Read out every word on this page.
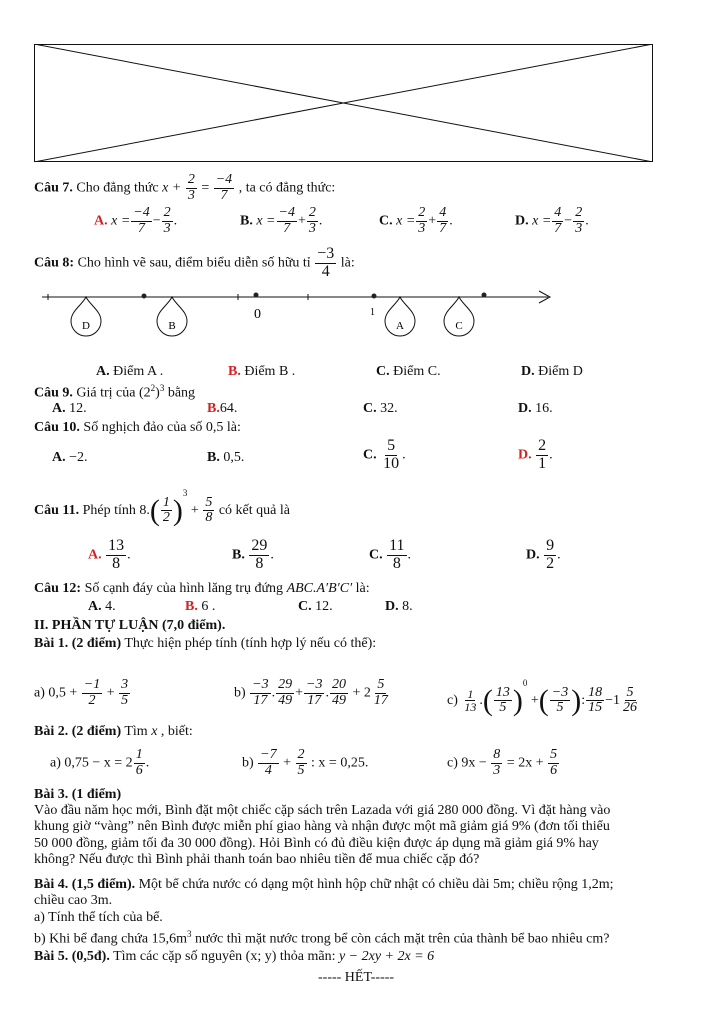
Câu 7. Cho đẳng thức $x + \frac{2}{3} = \frac{-4}{7}$ , ta có đẳng thức:
A. $x = \frac{-4}{7} - \frac{2}{3}$ .	B. $x = \frac{-4}{7} + \frac{2}{3}$ .	C. $x = \frac{2}{3} + \frac{4}{7}$ .	D. $x = \frac{4}{7} - \frac{2}{3}$ .
Câu 8: Cho hình vẽ sau, điểm biểu diễn số hữu tỉ $\frac{-3}{4}$ là:
0	1
D	B	A	C
A. Điểm A .	B. Điểm B .	C. Điểm C.	D. Điểm D
Câu 9. Giá trị của $(2^2)^3$ bằng
A. 12.	B.64.	C. 32.	D. 16.
Câu 10. Số nghịch đảo của số 0,5 là:
A. −2.	B. 0,5.	C. $\frac{5}{10}$ .	D. $\frac{2}{1}$ .
Câu 11. Phép tính $8.( \frac{1}{2} )^3 + \frac{5}{8}$ có kết quả là
A. $\frac{13}{8}$ .	B. $\frac{29}{8}$ .	C. $\frac{11}{8}$ .	D. $\frac{9}{2}$ .
Câu 12: Số cạnh đáy của hình lăng trụ đứng ABC.A′B′C′ là:
A. 4.	B. 6 .	C. 12.	D. 8.
II. PHẦN TỰ LUẬN (7,0 điểm).
Bài 1. (2 điểm) Thực hiện phép tính (tính hợp lý nếu có thể):
a) $0,5 + \frac{-1}{2} + \frac{3}{5}$	$b) \frac{-3}{17}$ . $\frac{29}{49} + \frac{-3}{17}$ . $\frac{20}{49} + 2 \frac{5}{17}$	$c) \frac{1}{13}$ .( $\frac{13}{5} )^0$ +( $\frac{-3}{5}$ ): $\frac{18}{15} -1 \frac{5}{26}$
Bài 2. (2 điểm) Tìm x , biết:
a) $0,75 - x = 2 \frac{1}{6}$ .	$b) \frac{-7}{4} + \frac{2}{5}$ : x = 0,25.	c) $9x - \frac{8}{3} = 2x + \frac{5}{6}$
Bài 3. (1 điểm)
Vào đầu năm học mới, Bình đặt một chiếc cặp sách trên Lazada với giá 280 000 đồng. Vì đặt hàng vào
khung giờ “vàng” nên Bình được miễn phí giao hàng và nhận được một mã giảm giá 9% (đơn tối thiểu
50 000 đồng, giảm tối đa 30 000 đồng). Hỏi Bình có đủ điều kiện được áp dụng mã giảm giá 9% hay
không? Nếu được thì Bình phải thanh toán bao nhiêu tiền để mua chiếc cặp đó?
Bài 4. (1,5 điểm). Một bể chứa nước có dạng một hình hộp chữ nhật có chiều dài 5m; chiều rộng 1,2m;
chiều cao 3m.
a) Tính thể tích của bể.
b) Khi bể đang chứa $15,6m^3$ nước thì mặt nước trong bể còn cách mặt trên của thành bể bao nhiêu cm?
Bài 5. (0,5đ). Tìm các cặp số nguyên (x; y) thỏa mãn: y − 2xy + 2x = 6
----- HẾT-----
